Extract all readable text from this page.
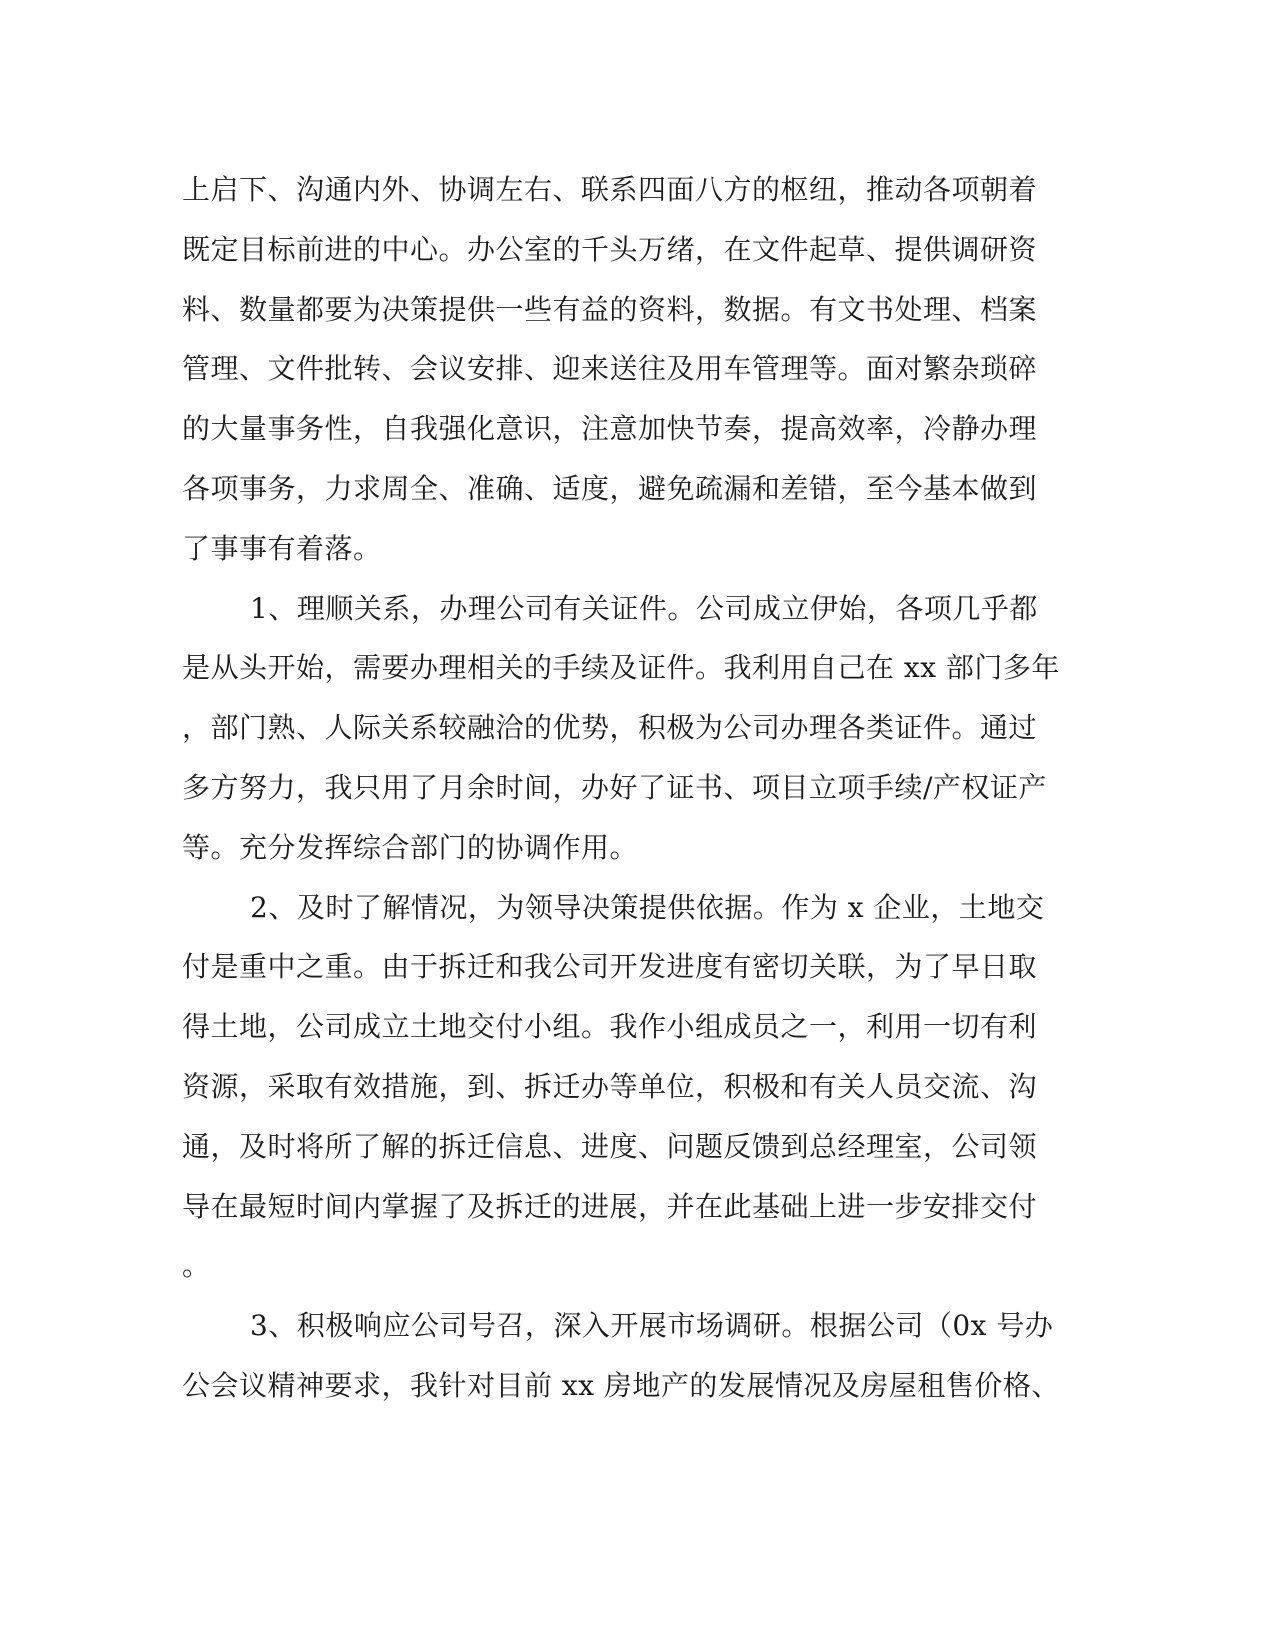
上启下、沟通内外、协调左右、联系四面八方的枢纽，推动各项朝着
既定目标前进的中心。办公室的千头万绪，在文件起草、提供调研资
料、数量都要为决策提供一些有益的资料，数据。有文书处理、档案
管理、文件批转、会议安排、迎来送往及用车管理等。面对繁杂琐碎
的大量事务性，自我强化意识，注意加快节奏，提高效率，冷静办理
各项事务，力求周全、准确、适度，避免疏漏和差错，至今基本做到
了事事有着落。
1、理顺关系，办理公司有关证件。公司成立伊始，各项几乎都
是从头开始，需要办理相关的手续及证件。我利用自己在 xx 部门多年
，部门熟、人际关系较融洽的优势，积极为公司办理各类证件。通过
多方努力，我只用了月余时间，办好了证书、项目立项手续/产权证产
等。充分发挥综合部门的协调作用。
2、及时了解情况，为领导决策提供依据。作为 x 企业，土地交
付是重中之重。由于拆迁和我公司开发进度有密切关联，为了早日取
得土地，公司成立土地交付小组。我作小组成员之一，利用一切有利
资源，采取有效措施，到、拆迁办等单位，积极和有关人员交流、沟
通，及时将所了解的拆迁信息、进度、问题反馈到总经理室，公司领
导在最短时间内掌握了及拆迁的进展，并在此基础上进一步安排交付
。
3、积极响应公司号召，深入开展市场调研。根据公司（0x 号办
公会议精神要求，我针对目前 xx 房地产的发展情况及房屋租售价格、
